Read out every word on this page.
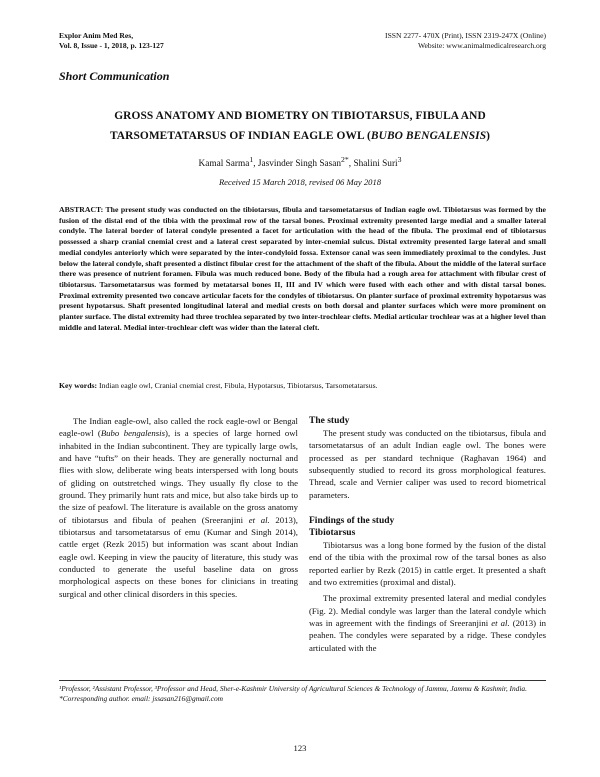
Explor Anim Med Res,
Vol. 8, Issue - 1, 2018, p. 123-127
ISSN 2277- 470X (Print), ISSN 2319-247X (Online)
Website: www.animalmedicalresearch.org
Short Communication
GROSS ANATOMY AND BIOMETRY ON TIBIOTARSUS, FIBULA AND
TARSOMETATARSUS OF INDIAN EAGLE OWL (BUBO BENGALENSIS)
Kamal Sarma$^1$, Jasvinder Singh Sasan$^{2*}$, Shalini Suri$^3$
Received 15 March 2018, revised 06 May 2018
ABSTRACT: The present study was conducted on the tibiotarsus, fibula and tarsometatarsus of Indian eagle owl. Tibiotarsus was formed by the fusion of the distal end of the tibia with the proximal row of the tarsal bones. Proximal extremity presented large medial and a smaller lateral condyle. The lateral border of lateral condyle presented a facet for articulation with the head of the fibula. The proximal end of tibiotarsus possessed a sharp cranial cnemial crest and a lateral crest separated by inter-cnemial sulcus. Distal extremity presented large lateral and small medial condyles anteriorly which were separated by the inter-condyloid fossa. Extensor canal was seen immediately proximal to the condyles. Just below the lateral condyle, shaft presented a distinct fibular crest for the attachment of the shaft of the fibula. About the middle of the lateral surface there was presence of nutrient foramen. Fibula was much reduced bone. Body of the fibula had a rough area for attachment with fibular crest of tibiotarsus. Tarsometatarsus was formed by metatarsal bones II, III and IV which were fused with each other and with distal tarsal bones. Proximal extremity presented two concave articular facets for the condyles of tibiotarsus. On planter surface of proximal extremity hypotarsus was present hypotarsus. Shaft presented longitudinal lateral and medial crests on both dorsal and planter surfaces which were more prominent on planter surface. The distal extremity had three trochlea separated by two inter-trochlear clefts. Medial articular trochlear was at a higher level than middle and lateral. Medial inter-trochlear cleft was wider than the lateral cleft.
Key words: Indian eagle owl, Cranial cnemial crest, Fibula, Hypotarsus, Tibiotarsus, Tarsometatarsus.

The Indian eagle-owl, also called the rock eagle-owl or Bengal eagle-owl (Bubo bengalensis), is a species of large horned owl inhabited in the Indian subcontinent. They are typically large owls, and have “tufts” on their heads. They are generally nocturnal and flies with slow, deliberate wing beats interspersed with long bouts of gliding on outstretched wings. They usually fly close to the ground. They primarily hunt rats and mice, but also take birds up to the size of peafowl. The literature is available on the gross anatomy of tibiotarsus and fibula of peahen (Sreeranjini et al. 2013), tibiotarsus and tarsometatarsus of emu (Kumar and Singh 2014), cattle erget (Rezk 2015) but information was scant about Indian eagle owl. Keeping in view the paucity of literature, this study was conducted to generate the useful baseline data on gross morphological aspects on these bones for clinicians in treating surgical and other clinical disorders in this species.

The study

The present study was conducted on the tibiotarsus, fibula and tarsometatarsus of an adult Indian eagle owl. The bones were processed as per standard technique (Raghavan 1964) and subsequently studied to record its gross morphological features. Thread, scale and Vernier caliper was used to record biometrical parameters.

Findings of the study
Tibiotarsus

Tibiotarsus was a long bone formed by the fusion of the distal end of the tibia with the proximal row of the tarsal bones as also reported earlier by Rezk (2015) in cattle erget. It presented a shaft and two extremities (proximal and distal).

The proximal extremity presented lateral and medial condyles (Fig. 2). Medial condyle was larger than the lateral condyle which was in agreement with the findings of Sreeranjini et al. (2013) in peahen. The condyles were separated by a ridge. These condyles articulated with the

¹Professor, ²Assistant Professor, ³Professor and Head, Sher-e-Kashmir University of Agricultural Sciences & Technology of Jammu, Jammu & Kashmir, India.
*Corresponding author. email: jssasan216@gmail.com
123
